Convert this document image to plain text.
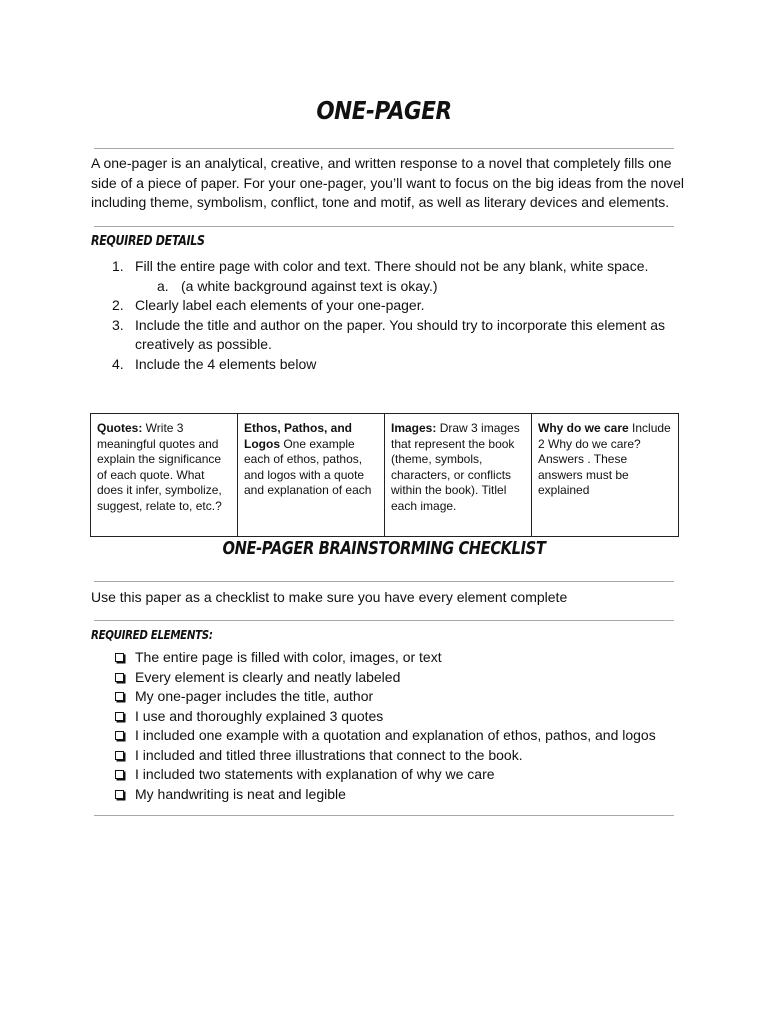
ONE-PAGER

A one-pager is an analytical, creative, and written response to a novel that completely fills one side of a piece of paper. For your one-pager, you’ll want to focus on the big ideas from the novel including theme, symbolism, conflict, tone and motif, as well as literary devices and elements.

REQUIRED DETAILS
1. Fill the entire page with color and text. There should not be any blank, white space.
a. (a white background against text is okay.)
2. Clearly label each elements of your one-pager.
3. Include the title and author on the paper. You should try to incorporate this element as creatively as possible.
4. Include the 4 elements below
Quotes: Write 3 meaningful quotes and explain the significance of each quote. What does it infer, symbolize, suggest, relate to, etc.?	Ethos, Pathos, and Logos One example each of ethos, pathos, and logos with a quote and explanation of each	Images: Draw 3 images that represent the book (theme, symbols, characters, or conflicts within the book). Titlel each image.	Why do we care Include 2 Why do we care? Answers . These answers must be explained
ONE-PAGER BRAINSTORMING CHECKLIST

Use this paper as a checklist to make sure you have every element complete

REQUIRED ELEMENTS:
The entire page is filled with color, images, or text
Every element is clearly and neatly labeled
My one-pager includes the title, author
I use and thoroughly explained 3 quotes
I included one example with a quotation and explanation of ethos, pathos, and logos
I included and titled three illustrations that connect to the book.
I included two statements with explanation of why we care
My handwriting is neat and legible
